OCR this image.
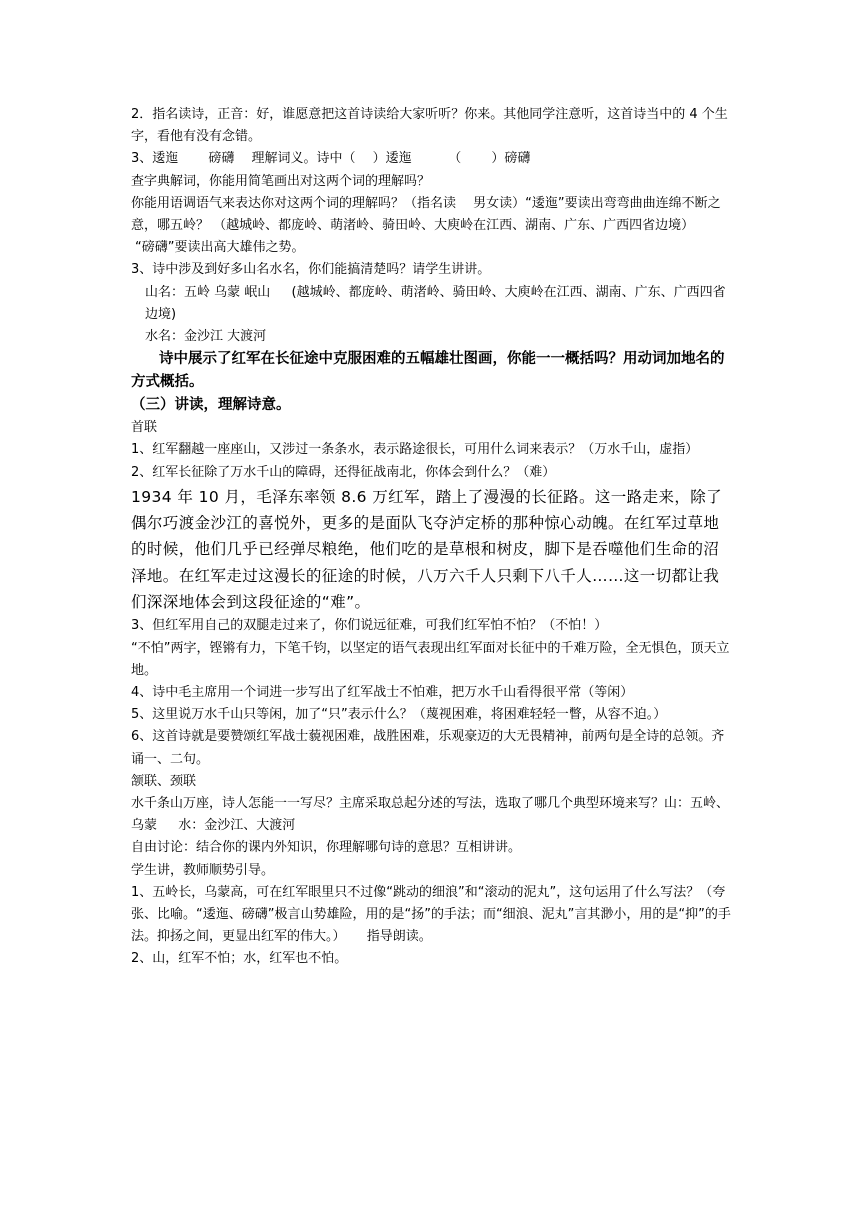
2．指名读诗，正音：好，谁愿意把这首诗读给大家听听？你来。其他同学注意听，这首诗当中的 4 个生字，看他有没有念错。

3、逶迤 　　磅礴 　理解词义。诗中（ 　）逶迤 　　　（ 　　）磅礴

查字典解词，你能用简笔画出对这两个词的理解吗？

你能用语调语气来表达你对这两个词的理解吗？（指名读 　男女读）“逶迤”要读出弯弯曲曲连绵不断之意，哪五岭？ （越城岭、都庞岭、萌渚岭、骑田岭、大庾岭在江西、湖南、广东、广西四省边境）

“磅礴”要读出高大雄伟之势。

3、诗中涉及到好多山名水名，你们能搞清楚吗？请学生讲讲。

山名：五岭 乌蒙 岷山 　 (越城岭、都庞岭、萌渚岭、骑田岭、大庾岭在江西、湖南、广东、广西四省边境)

水名：金沙江 大渡河

诗中展示了红军在长征途中克服困难的五幅雄壮图画，你能一一概括吗？用动词加地名的方式概括。

（三）讲读，理解诗意。

首联

1、红军翻越一座座山，又涉过一条条水，表示路途很长，可用什么词来表示？（万水千山，虚指）

2、红军长征除了万水千山的障碍，还得征战南北，你体会到什么？（难）

1934 年 10 月，毛泽东率领 8.6 万红军，踏上了漫漫的长征路。这一路走来，除了偶尔巧渡金沙江的喜悦外，更多的是面队飞夺泸定桥的那种惊心动魄。在红军过草地的时候，他们几乎已经弹尽粮绝，他们吃的是草根和树皮，脚下是吞噬他们生命的沼泽地。在红军走过这漫长的征途的时候，八万六千人只剩下八千人……这一切都让我们深深地体会到这段征途的“难”。

3、但红军用自己的双腿走过来了，你们说远征难，可我们红军怕不怕？（不怕！）

“不怕”两字，铿锵有力，下笔千钧，以坚定的语气表现出红军面对长征中的千难万险，全无惧色，顶天立地。

4、诗中毛主席用一个词进一步写出了红军战士不怕难，把万水千山看得很平常（等闲）

5、这里说万水千山只等闲，加了“只”表示什么？（蔑视困难，将困难轻轻一瞥，从容不迫。）

6、这首诗就是要赞颂红军战士藐视困难，战胜困难，乐观豪迈的大无畏精神，前两句是全诗的总领。齐诵一、二句。

颔联、颈联

水千条山万座，诗人怎能一一写尽？主席采取总起分述的写法，选取了哪几个典型环境来写？山：五岭、乌蒙 　 水：金沙江、大渡河

自由讨论：结合你的课内外知识，你理解哪句诗的意思？互相讲讲。

学生讲，教师顺势引导。

1、五岭长，乌蒙高，可在红军眼里只不过像“跳动的细浪”和“滚动的泥丸”，这句运用了什么写法？（夸张、比喻。“逶迤、磅礴”极言山势雄险，用的是“扬”的手法；而“细浪、泥丸”言其渺小，用的是“抑”的手法。抑扬之间，更显出红军的伟大。） 　 指导朗读。

2、山，红军不怕；水，红军也不怕。
